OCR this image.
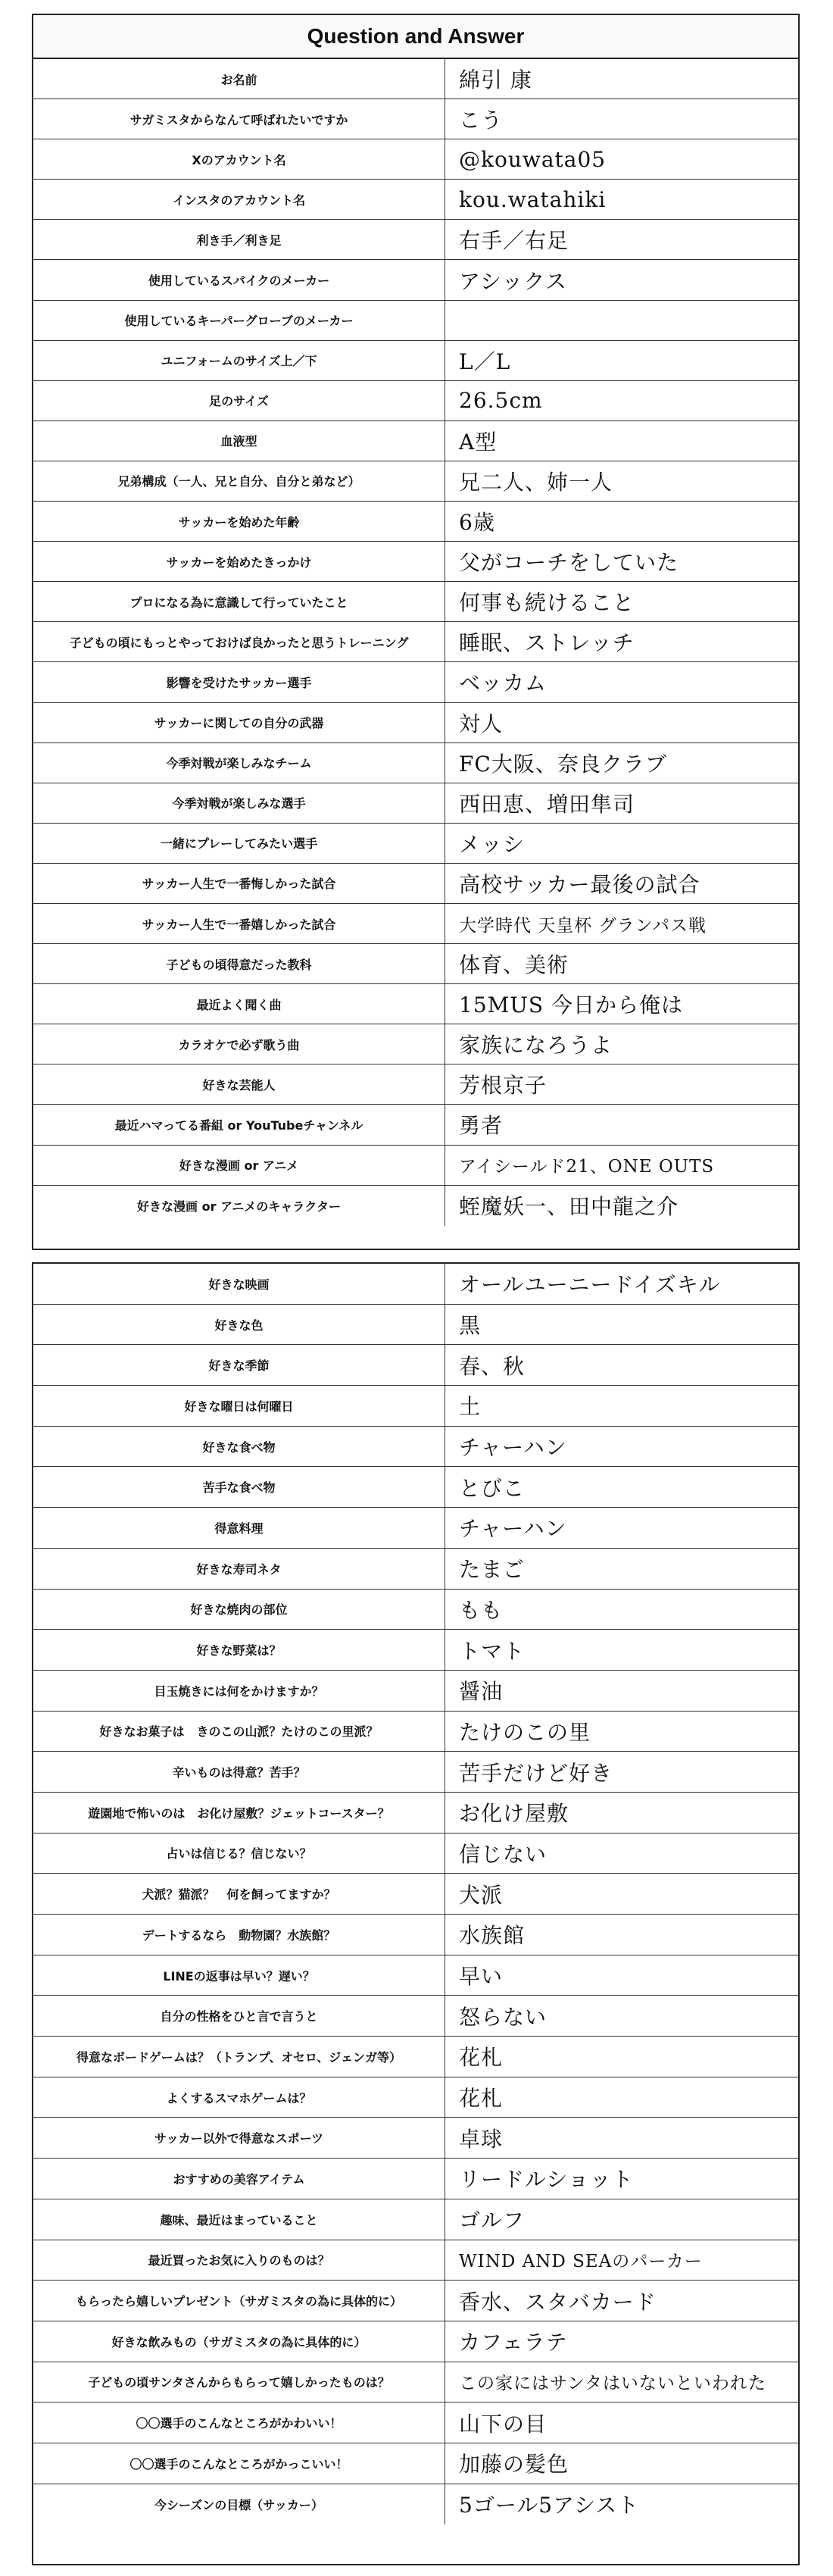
Question and Answer
お名前	綿引 康
サガミスタからなんて呼ばれたいですか	こう
Xのアカウント名	@kouwata05
インスタのアカウント名	kou.watahiki
利き手／利き足	右手／右足
使用しているスパイクのメーカー	アシックス
使用しているキーパーグローブのメーカー
ユニフォームのサイズ上／下	L／L
足のサイズ	26.5cm
血液型	A型
兄弟構成（一人、兄と自分、自分と弟など）	兄二人、姉一人
サッカーを始めた年齢	6歳
サッカーを始めたきっかけ	父がコーチをしていた
プロになる為に意識して行っていたこと	何事も続けること
子どもの頃にもっとやっておけば良かったと思うトレーニング	睡眠、ストレッチ
影響を受けたサッカー選手	ベッカム
サッカーに関しての自分の武器	対人
今季対戦が楽しみなチーム	FC大阪、奈良クラブ
今季対戦が楽しみな選手	西田恵、増田隼司
一緒にプレーしてみたい選手	メッシ
サッカー人生で一番悔しかった試合	高校サッカー最後の試合
サッカー人生で一番嬉しかった試合	大学時代 天皇杯 グランパス戦
子どもの頃得意だった教科	体育、美術
最近よく聞く曲	15MUS 今日から俺は
カラオケで必ず歌う曲	家族になろうよ
好きな芸能人	芳根京子
最近ハマってる番組 or YouTubeチャンネル	勇者
好きな漫画 or アニメ	アイシールド21、ONE OUTS
好きな漫画 or アニメのキャラクター	蛭魔妖一、田中龍之介
好きな映画	オールユーニードイズキル
好きな色	黒
好きな季節	春、秋
好きな曜日は何曜日	土
好きな食べ物	チャーハン
苦手な食べ物	とびこ
得意料理	チャーハン
好きな寿司ネタ	たまご
好きな焼肉の部位	もも
好きな野菜は？	トマト
目玉焼きには何をかけますか？	醤油
好きなお菓子は　きのこの山派？たけのこの里派？	たけのこの里
辛いものは得意？苦手？	苦手だけど好き
遊園地で怖いのは　お化け屋敷？ジェットコースター？	お化け屋敷
占いは信じる？信じない？	信じない
犬派？猫派？　何を飼ってますか？	犬派
デートするなら　動物園？水族館？	水族館
LINEの返事は早い？遅い？	早い
自分の性格をひと言で言うと	怒らない
得意なボードゲームは？（トランプ、オセロ、ジェンガ等）	花札
よくするスマホゲームは？	花札
サッカー以外で得意なスポーツ	卓球
おすすめの美容アイテム	リードルショット
趣味、最近はまっていること	ゴルフ
最近買ったお気に入りのものは？	WIND AND SEAのパーカー
もらったら嬉しいプレゼント（サガミスタの為に具体的に）	香水、スタバカード
好きな飲みもの（サガミスタの為に具体的に）	カフェラテ
子どもの頃サンタさんからもらって嬉しかったものは？	この家にはサンタはいないといわれた
〇〇選手のこんなところがかわいい！	山下の目
〇〇選手のこんなところがかっこいい！	加藤の髪色
今シーズンの目標（サッカー）	5ゴール5アシスト
